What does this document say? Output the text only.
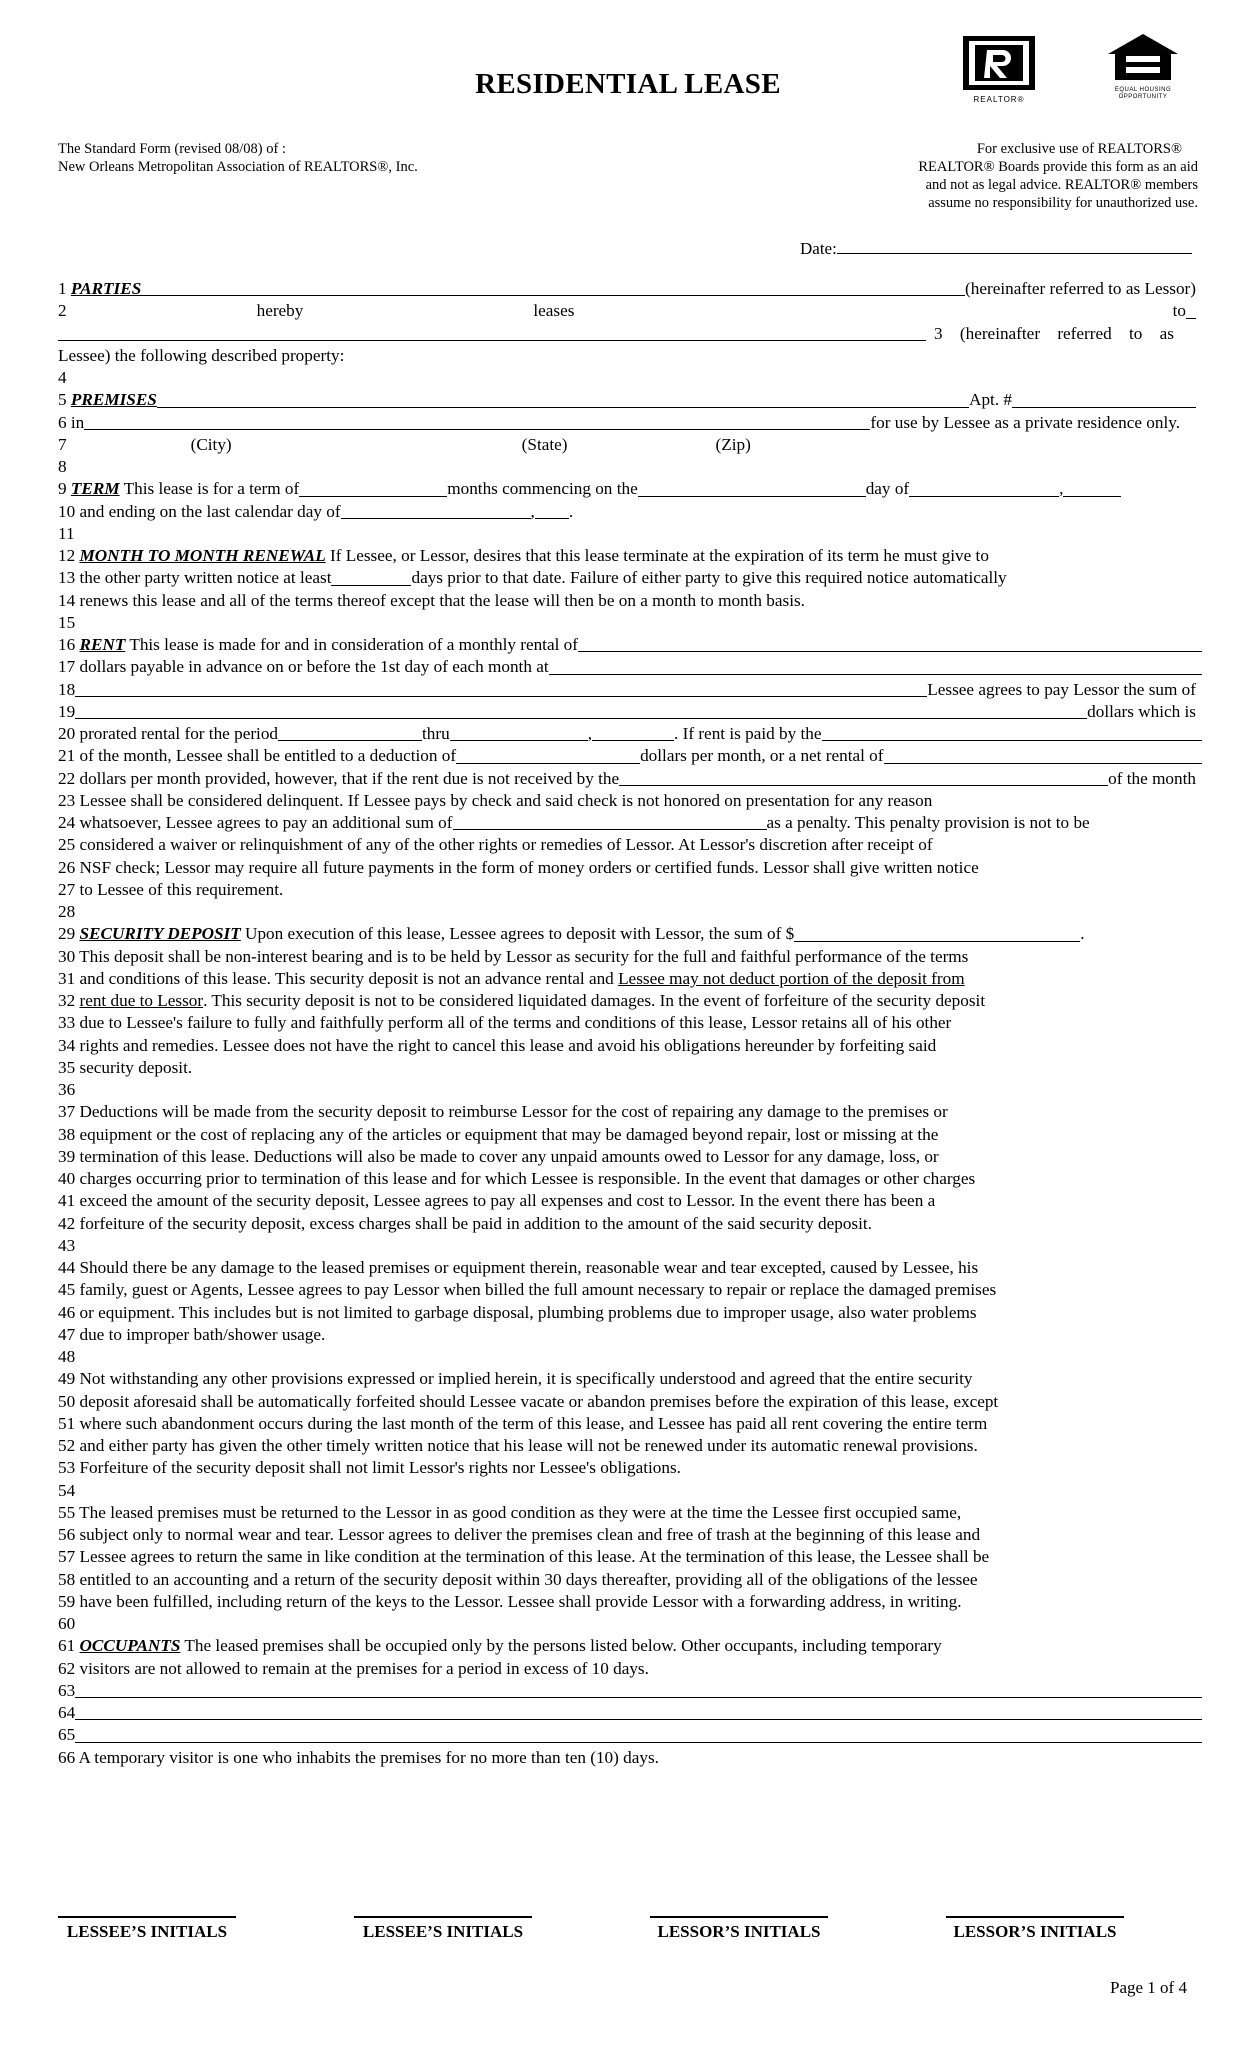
RESIDENTIAL LEASE	REALTOR®
EQUAL HOUSING OPPORTUNITY
The Standard Form (revised 08/08) of :
New Orleans Metropolitan Association of REALTORS®, Inc.
For exclusive use of REALTORS®
REALTOR® Boards provide this form as an aid
and not as legal advice. REALTOR® members
assume no responsibility for unauthorized use.
Date:
1 PARTIES	(hereinafter referred to as Lessor)
2	hereby	leases	to
3 (hereinafter referred to as
Lessee) the following described property:
4
5 PREMISES	Apt. #
6 in	for use by Lessee as a private residence only.
7	(City)	(State)	(Zip)
8
9 TERM This lease is for a term of	months commencing on the	day of	,
10 and ending on the last calendar day of	, .
11
12 MONTH TO MONTH RENEWAL If Lessee, or Lessor, desires that this lease terminate at the expiration of its term he must give to
13 the other party written notice at least	days prior to that date. Failure of either party to give this required notice automatically
14 renews this lease and all of the terms thereof except that the lease will then be on a month to month basis.
15
16 RENT This lease is made for and in consideration of a monthly rental of
17 dollars payable in advance on or before the 1st day of each month at
18	Lessee agrees to pay Lessor the sum of
19	dollars which is
20 prorated rental for the period	thru	,	. If rent is paid by the
21 of the month, Lessee shall be entitled to a deduction of	dollars per month, or a net rental of
22 dollars per month provided, however, that if the rent due is not received by the	of the month
23 Lessee shall be considered delinquent. If Lessee pays by check and said check is not honored on presentation for any reason
24 whatsoever, Lessee agrees to pay an additional sum of	as a penalty. This penalty provision is not to be
25 considered a waiver or relinquishment of any of the other rights or remedies of Lessor. At Lessor's discretion after receipt of
26 NSF check; Lessor may require all future payments in the form of money orders or certified funds. Lessor shall give written notice
27 to Lessee of this requirement.
28
29 SECURITY DEPOSIT Upon execution of this lease, Lessee agrees to deposit with Lessor, the sum of $	.
30 This deposit shall be non-interest bearing and is to be held by Lessor as security for the full and faithful performance of the terms
31 and conditions of this lease. This security deposit is not an advance rental and Lessee may not deduct portion of the deposit from
32 rent due to Lessor . This security deposit is not to be considered liquidated damages. In the event of forfeiture of the security deposit
33 due to Lessee's failure to fully and faithfully perform all of the terms and conditions of this lease, Lessor retains all of his other
34 rights and remedies. Lessee does not have the right to cancel this lease and avoid his obligations hereunder by forfeiting said
35 security deposit.
36
37 Deductions will be made from the security deposit to reimburse Lessor for the cost of repairing any damage to the premises or
38 equipment or the cost of replacing any of the articles or equipment that may be damaged beyond repair, lost or missing at the
39 termination of this lease. Deductions will also be made to cover any unpaid amounts owed to Lessor for any damage, loss, or
40 charges occurring prior to termination of this lease and for which Lessee is responsible. In the event that damages or other charges
41 exceed the amount of the security deposit, Lessee agrees to pay all expenses and cost to Lessor. In the event there has been a
42 forfeiture of the security deposit, excess charges shall be paid in addition to the amount of the said security deposit.
43
44 Should there be any damage to the leased premises or equipment therein, reasonable wear and tear excepted, caused by Lessee, his
45 family, guest or Agents, Lessee agrees to pay Lessor when billed the full amount necessary to repair or replace the damaged premises
46 or equipment. This includes but is not limited to garbage disposal, plumbing problems due to improper usage, also water problems
47 due to improper bath/shower usage.
48
49 Not withstanding any other provisions expressed or implied herein, it is specifically understood and agreed that the entire security
50 deposit aforesaid shall be automatically forfeited should Lessee vacate or abandon premises before the expiration of this lease, except
51 where such abandonment occurs during the last month of the term of this lease, and Lessee has paid all rent covering the entire term
52 and either party has given the other timely written notice that his lease will not be renewed under its automatic renewal provisions.
53 Forfeiture of the security deposit shall not limit Lessor's rights nor Lessee's obligations.
54
55 The leased premises must be returned to the Lessor in as good condition as they were at the time the Lessee first occupied same,
56 subject only to normal wear and tear. Lessor agrees to deliver the premises clean and free of trash at the beginning of this lease and
57 Lessee agrees to return the same in like condition at the termination of this lease. At the termination of this lease, the Lessee shall be
58 entitled to an accounting and a return of the security deposit within 30 days thereafter, providing all of the obligations of the lessee
59 have been fulfilled, including return of the keys to the Lessor. Lessee shall provide Lessor with a forwarding address, in writing.
60
61 OCCUPANTS The leased premises shall be occupied only by the persons listed below. Other occupants, including temporary
62 visitors are not allowed to remain at the premises for a period in excess of 10 days.
63
64
65
66 A temporary visitor is one who inhabits the premises for no more than ten (10) days.
LESSEE’S INITIALS	LESSEE’S INITIALS	LESSOR’S INITIALS	LESSOR’S INITIALS
Page 1 of 4
